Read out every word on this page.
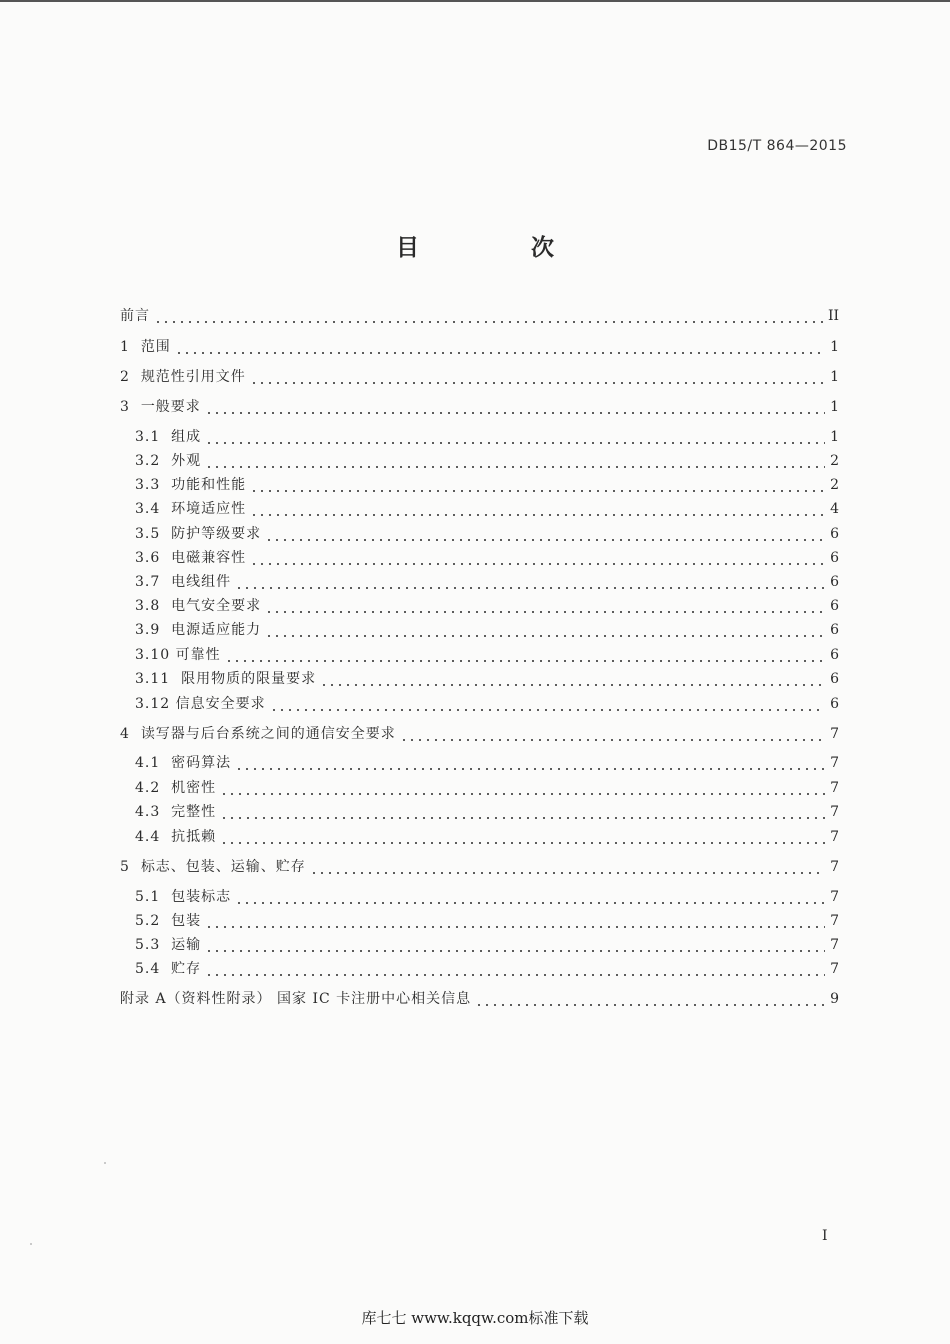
DB15/T 864—2015
目 次
前言	II
1 范围	1
2 规范性引用文件	1
3 一般要求	1
3.1 组成	1
3.2 外观	2
3.3 功能和性能	2
3.4 环境适应性	4
3.5 防护等级要求	6
3.6 电磁兼容性	6
3.7 电线组件	6
3.8 电气安全要求	6
3.9 电源适应能力	6
3.10 可靠性	6
3.11 限用物质的限量要求	6
3.12 信息安全要求	6
4 读写器与后台系统之间的通信安全要求	7
4.1 密码算法	7
4.2 机密性	7
4.3 完整性	7
4.4 抗抵赖	7
5 标志、包装、运输、贮存	7
5.1 包装标志	7
5.2 包装	7
5.3 运输	7
5.4 贮存	7
附录 A（资料性附录） 国家 IC 卡注册中心相关信息	9
I
库七七 www.kqqw.com标准下载
